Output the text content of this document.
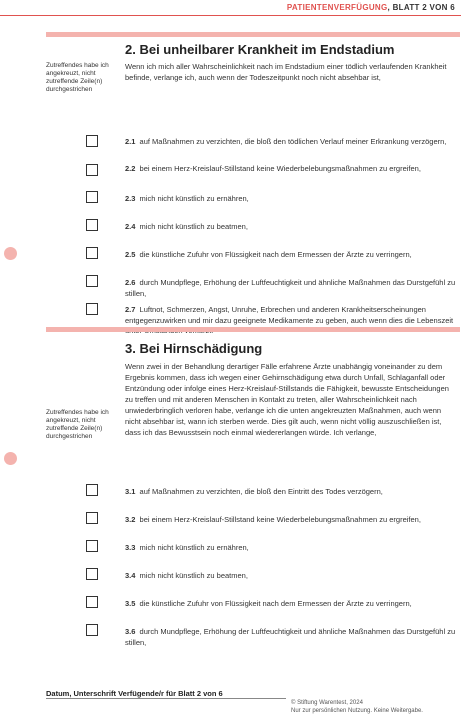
PATIENTENVERFÜGUNG, BLATT 2 VON 6
Zutreffendes habe ich angekreuzt, nicht zutreffende Zeile(n) durchgestrichen
2. Bei unheilbarer Krankheit im Endstadium

Wenn ich mich aller Wahrscheinlichkeit nach im Endstadium einer tödlich verlaufenden Krankheit befinde, verlange ich, auch wenn der Todeszeitpunkt noch nicht absehbar ist,

2.1 auf Maßnahmen zu verzichten, die bloß den tödlichen Verlauf meiner Erkrankung verzögern,
2.2 bei einem Herz-Kreislauf-Stillstand keine Wiederbelebungsmaßnahmen zu ergreifen,
2.3 mich nicht künstlich zu ernähren,
2.4 mich nicht künstlich zu beatmen,
2.5 die künstliche Zufuhr von Flüssigkeit nach dem Ermessen der Ärzte zu verringern,
2.6 durch Mundpflege, Erhöhung der Luftfeuchtigkeit und ähnliche Maßnahmen das Durstgefühl zu stillen,
2.7 Luftnot, Schmerzen, Angst, Unruhe, Erbrechen und anderen Krankheitserscheinungen entgegenzuwirken und mir dazu geeignete Medikamente zu geben, auch wenn dies die Lebenszeit
Zutreffendes habe ich angekreuzt, nicht zutreffende Zeile(n) durchgestrichen
3. Bei Hirnschädigung

Wenn zwei in der Behandlung derartiger Fälle erfahrene Ärzte unabhängig voneinander zu dem Ergebnis kommen, dass ich wegen einer Gehirnschädigung etwa durch Unfall, Schlaganfall oder Entzündung oder infolge eines Herz-Kreislauf-Stillstands die Fähigkeit, bewusste Entscheidungen zu treffen und mit anderen Menschen in Kontakt zu treten, aller Wahrscheinlichkeit nach unwiederbringlich verloren habe, verlange ich die unten angekreuzten Maßnahmen, auch wenn nicht absehbar ist, wann ich sterben werde. Dies gilt auch, wenn nicht völlig auszuschließen ist, dass ich das Bewusstsein noch einmal wiedererlangen würde. Ich verlange,

3.1 auf Maßnahmen zu verzichten, die bloß den Eintritt des Todes verzögern,
3.2 bei einem Herz-Kreislauf-Stillstand keine Wiederbelebungsmaßnahmen zu ergreifen,
3.3 mich nicht künstlich zu ernähren,
3.4 mich nicht künstlich zu beatmen,
3.5 die künstliche Zufuhr von Flüssigkeit nach dem Ermessen der Ärzte zu verringern,
3.6 durch Mundpflege, Erhöhung der Luftfeuchtigkeit und ähnliche Maßnahmen das Durstgefühl zu stillen,
Datum, Unterschrift Verfügende/r für Blatt 2 von 6
© Stiftung Warentest, 2024
Nur zur persönlichen Nutzung. Keine Weitergabe.
